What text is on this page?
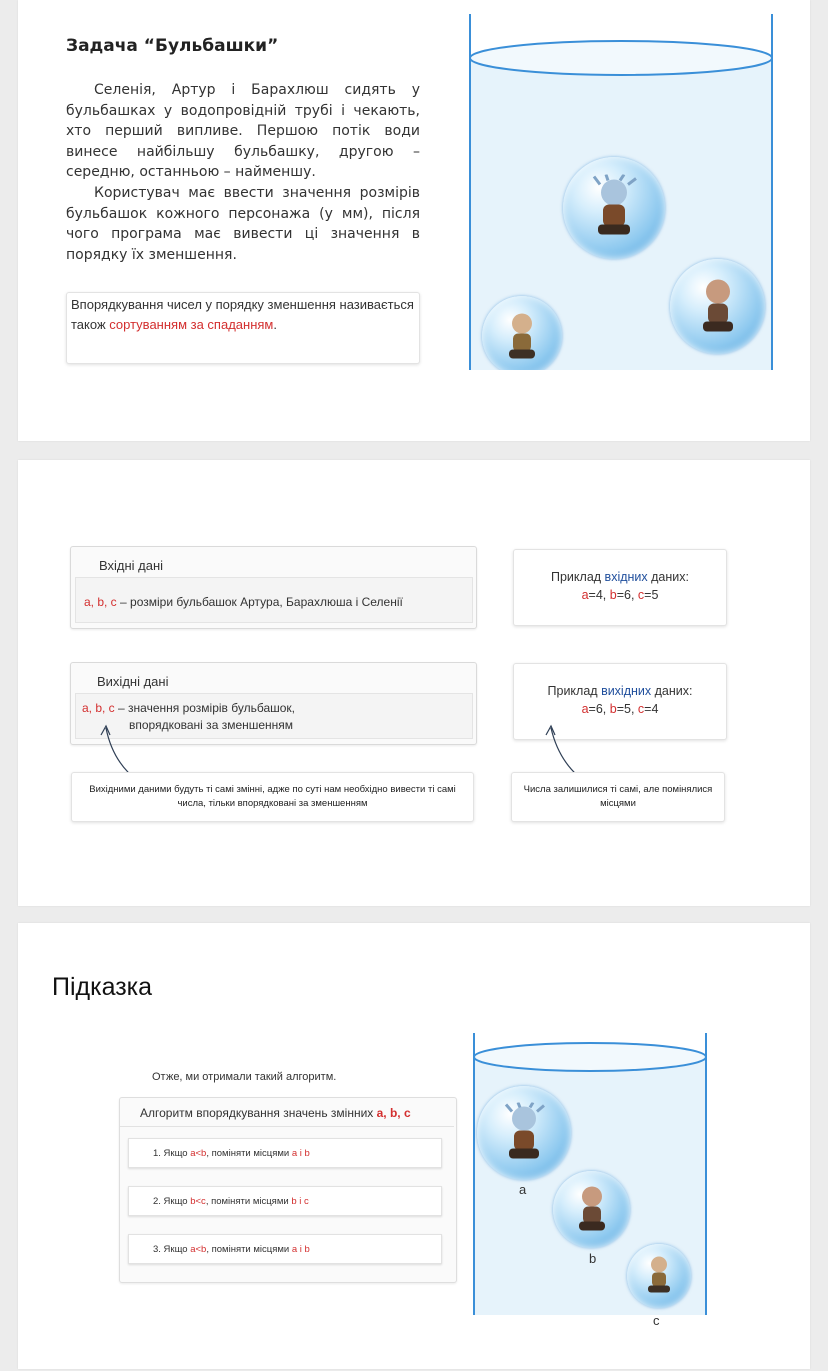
Задача “Бульбашки”
Селенія, Артур і Барахлюш сидять у бульбашках у водопровідній трубі і чекають, хто перший випливе. Першою потік води винесе найбільшу бульбашку, другою – середню, останньою – найменшу.
Користувач має ввести значення розмірів бульбашок кожного персонажа (у мм), після чого програма має вивести ці значення в порядку їх зменшення.
Впорядкування чисел у порядку зменшення називається також сортуванням за спаданням.
Вхідні дані
a, b, c – розміри бульбашок Артура, Барахлюша і Селенії
Приклад вхідних даних:
a=4, b=6, c=5
Вихідні дані
a, b, c – значення розмірів бульбашок,
впорядковані за зменшенням
Приклад вихідних даних:
a=6, b=5, c=4
Вихідними даними будуть ті самі змінні, адже по суті нам необхідно вивести ті самі числа, тільки впорядковані за зменшенням
Числа залишилися ті самі, але помінялися місцями
Підказка
Отже, ми отримали такий алгоритм.
Алгоритм впорядкування значень змінних a, b, c
1. Якщо a<b, поміняти місцями a і b
2. Якщо b<c, поміняти місцями b і c
3. Якщо a<b, поміняти місцями a і b
a
b
c
